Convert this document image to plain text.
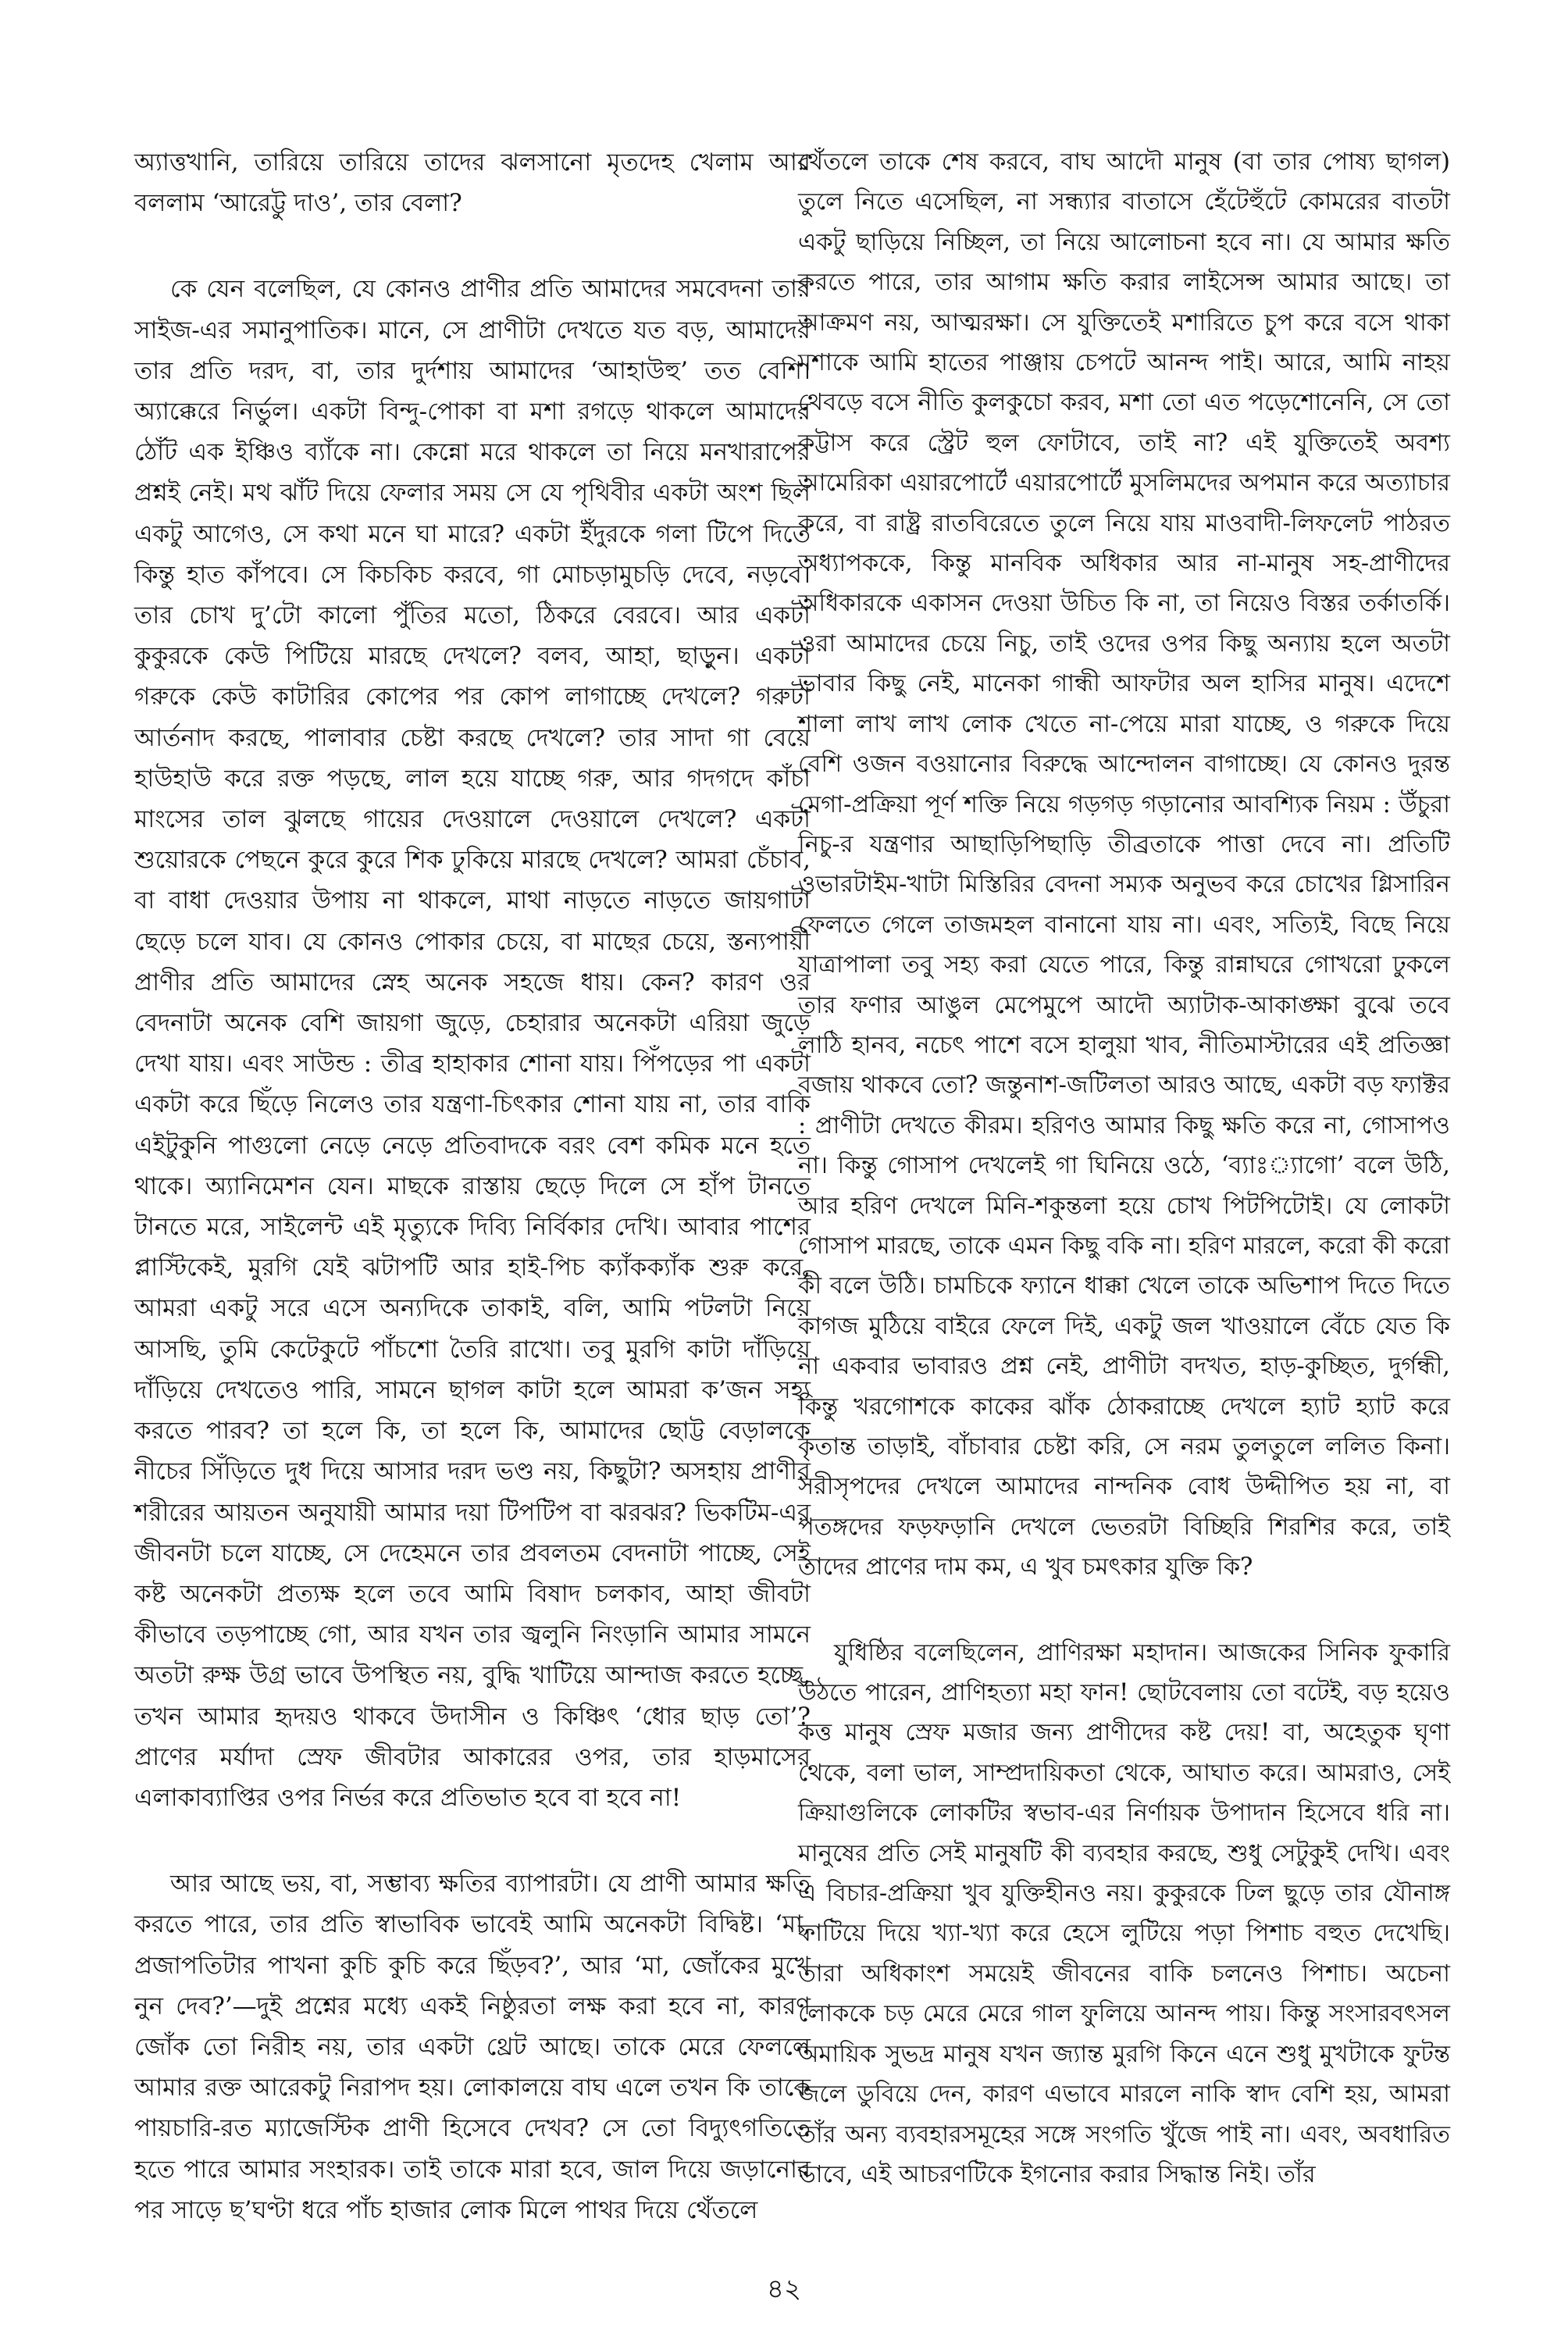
অ্যাত্তখানি, তারিয়ে তারিয়ে তাদের ঝলসানো মৃতদেহ খেলাম আর বললাম ‘আরেট্টু দাও’, তার বেলা?

কে যেন বলেছিল, যে কোনও প্রাণীর প্রতি আমাদের সমবেদনা তার সাইজ-এর সমানুপাতিক। মানে, সে প্রাণীটা দেখতে যত বড়, আমাদের তার প্রতি দরদ, বা, তার দুর্দশায় আমাদের ‘আহাউহু’ তত বেশি। অ্যাক্কেরে নির্ভুল। একটা বিন্দু-পোকা বা মশা রগড়ে থাকলে আমাদের ঠোঁট এক ইঞ্চিও ব্যাঁকে না। কেন্নো মরে থাকলে তা নিয়ে মনখারাপের প্রশ্নই নেই। মথ ঝাঁট দিয়ে ফেলার সময় সে যে পৃথিবীর একটা অংশ ছিল একটু আগেও, সে কথা মনে ঘা মারে? একটা ইঁদুরকে গলা টিপে দিতে কিন্তু হাত কাঁপবে। সে কিচকিচ করবে, গা মোচড়ামুচড়ি দেবে, নড়বে। তার চোখ দু’টো কালো পুঁতির মতো, ঠিকরে বেরবে। আর একটা কুকুরকে কেউ পিটিয়ে মারছে দেখলে? বলব, আহা, ছাড়ুন। একটা গরুকে কেউ কাটারির কোপের পর কোপ লাগাচ্ছে দেখলে? গরুটা আর্তনাদ করছে, পালাবার চেষ্টা করছে দেখলে? তার সাদা গা বেয়ে হাউহাউ করে রক্ত পড়ছে, লাল হয়ে যাচ্ছে গরু, আর গদগদে কাঁচা মাংসের তাল ঝুলছে গায়ের দেওয়ালে দেওয়ালে দেখলে? একটা শুয়োরকে পেছনে কুরে কুরে শিক ঢুকিয়ে মারছে দেখলে? আমরা চেঁচাব, বা বাধা দেওয়ার উপায় না থাকলে, মাথা নাড়তে নাড়তে জায়গাটা ছেড়ে চলে যাব। যে কোনও পোকার চেয়ে, বা মাছের চেয়ে, স্তন্যপায়ী প্রাণীর প্রতি আমাদের স্নেহ অনেক সহজে ধায়। কেন? কারণ ওর বেদনাটা অনেক বেশি জায়গা জুড়ে, চেহারার অনেকটা এরিয়া জুড়ে দেখা যায়। এবং সাউন্ড : তীব্র হাহাকার শোনা যায়। পিঁপড়ের পা একটা একটা করে ছিঁড়ে নিলেও তার যন্ত্রণা-চিৎকার শোনা যায় না, তার বাকি এইটুকুনি পাগুলো নেড়ে নেড়ে প্রতিবাদকে বরং বেশ কমিক মনে হতে থাকে। অ্যানিমেশন যেন। মাছকে রাস্তায় ছেড়ে দিলে সে হাঁপ টানতে টানতে মরে, সাইলেন্ট এই মৃত্যুকে দিব্যি নির্বিকার দেখি। আবার পাশের প্লাস্টিকেই, মুরগি যেই ঝটাপটি আর হাই-পিচ ক্যাঁকক্যাঁক শুরু করে, আমরা একটু সরে এসে অন্যদিকে তাকাই, বলি, আমি পটলটা নিয়ে আসছি, তুমি কেটেকুটে পাঁচশো তৈরি রাখো। তবু মুরগি কাটা দাঁড়িয়ে দাঁড়িয়ে দেখতেও পারি, সামনে ছাগল কাটা হলে আমরা ক’জন সহ্য করতে পারব? তা হলে কি, তা হলে কি, আমাদের ছোট্ট বেড়ালকে নীচের সিঁড়িতে দুধ দিয়ে আসার দরদ ভণ্ড নয়, কিছুটা? অসহায় প্রাণীর শরীরের আয়তন অনুযায়ী আমার দয়া টিপটিপ বা ঝরঝর? ভিকটিম-এর জীবনটা চলে যাচ্ছে, সে দেহেমনে তার প্রবলতম বেদনাটা পাচ্ছে, সেই কষ্ট অনেকটা প্রত্যক্ষ হলে তবে আমি বিষাদ চলকাব, আহা জীবটা কীভাবে তড়পাচ্ছে গো, আর যখন তার জ্বলুনি নিংড়ানি আমার সামনে অতটা রুক্ষ উগ্র ভাবে উপস্থিত নয়, বুদ্ধি খাটিয়ে আন্দাজ করতে হচ্ছে, তখন আমার হৃদয়ও থাকবে উদাসীন ও কিঞ্চিৎ ‘ধোর ছাড় তো’? প্রাণের মর্যাদা স্রেফ জীবটার আকারের ওপর, তার হাড়মাসের এলাকাব্যাপ্তির ওপর নির্ভর করে প্রতিভাত হবে বা হবে না!

আর আছে ভয়, বা, সম্ভাব্য ক্ষতির ব্যাপারটা। যে প্রাণী আমার ক্ষতি করতে পারে, তার প্রতি স্বাভাবিক ভাবেই আমি অনেকটা বিদ্বিষ্ট। ‘মা, প্রজাপতিটার পাখনা কুচি কুচি করে ছিঁড়ব?’, আর ‘মা, জোঁকের মুখে নুন দেব?’—দুই প্রশ্নের মধ্যে একই নিষ্ঠুরতা লক্ষ করা হবে না, কারণ জোঁক তো নিরীহ নয়, তার একটা থ্রেট আছে। তাকে মেরে ফেললে আমার রক্ত আরেকটু নিরাপদ হয়। লোকালয়ে বাঘ এলে তখন কি তাকে পায়চারি-রত ম্যাজেস্টিক প্রাণী হিসেবে দেখব? সে তো বিদ্যুৎগতিতে হতে পারে আমার সংহারক। তাই তাকে মারা হবে, জাল দিয়ে জড়ানোর পর সাড়ে ছ’ঘণ্টা ধরে পাঁচ হাজার লোক মিলে পাথর দিয়ে থেঁতলে

থেঁতলে তাকে শেষ করবে, বাঘ আদৌ মানুষ (বা তার পোষ্য ছাগল) তুলে নিতে এসেছিল, না সন্ধ্যার বাতাসে হেঁটেহুঁটে কোমরের বাতটা একটু ছাড়িয়ে নিচ্ছিল, তা নিয়ে আলোচনা হবে না। যে আমার ক্ষতি করতে পারে, তার আগাম ক্ষতি করার লাইসেন্স আমার আছে। তা আক্রমণ নয়, আত্মরক্ষা। সে যুক্তিতেই মশারিতে চুপ করে বসে থাকা মশাকে আমি হাতের পাঞ্জায় চেপটে আনন্দ পাই। আরে, আমি নাহয় থেবড়ে বসে নীতি কুলকুচো করব, মশা তো এত পড়েশোনেনি, সে তো কট্টাস করে স্ট্রেট হুল ফোটাবে, তাই না? এই যুক্তিতেই অবশ্য আমেরিকা এয়ারপোর্টে এয়ারপোর্টে মুসলিমদের অপমান করে অত্যাচার করে, বা রাষ্ট্র রাতবিরেতে তুলে নিয়ে যায় মাওবাদী-লিফলেট পাঠরত অধ্যাপককে, কিন্তু মানবিক অধিকার আর না-মানুষ সহ-প্রাণীদের অধিকারকে একাসন দেওয়া উচিত কি না, তা নিয়েও বিস্তর তর্কাতর্কি। ওরা আমাদের চেয়ে নিচু, তাই ওদের ওপর কিছু অন্যায় হলে অতটা ভাবার কিছু নেই, মানেকা গান্ধী আফটার অল হাসির মানুষ। এদেশে শালা লাখ লাখ লোক খেতে না-পেয়ে মারা যাচ্ছে, ও গরুকে দিয়ে বেশি ওজন বওয়ানোর বিরুদ্ধে আন্দোলন বাগাচ্ছে। যে কোনও দুরন্ত মেগা-প্রক্রিয়া পূর্ণ শক্তি নিয়ে গড়গড় গড়ানোর আবশ্যিক নিয়ম : উঁচুরা নিচু-র যন্ত্রণার আছাড়িপিছাড়ি তীব্রতাকে পাত্তা দেবে না। প্রতিটি ওভারটাইম-খাটা মিস্তিরির বেদনা সম্যক অনুভব করে চোখের গ্লিসারিন ফেলতে গেলে তাজমহল বানানো যায় না। এবং, সত্যিই, বিছে নিয়ে যাত্রাপালা তবু সহ্য করা যেতে পারে, কিন্তু রান্নাঘরে গোখরো ঢুকলে তার ফণার আঙুল মেপেমুপে আদৌ অ্যাটাক-আকাঙ্ক্ষা বুঝে তবে লাঠি হানব, নচেৎ পাশে বসে হালুয়া খাব, নীতিমাস্টারের এই প্রতিজ্ঞা বজায় থাকবে তো? জন্তুনাশ-জটিলতা আরও আছে, একটা বড় ফ্যাক্টর : প্রাণীটা দেখতে কীরম। হরিণও আমার কিছু ক্ষতি করে না, গোসাপও না। কিন্তু গোসাপ দেখলেই গা ঘিনিয়ে ওঠে, ‘ব্যাঃ্যাগো’ বলে উঠি, আর হরিণ দেখলে মিনি-শকুন্তলা হয়ে চোখ পিটপিটোই। যে লোকটা গোসাপ মারছে, তাকে এমন কিছু বকি না। হরিণ মারলে, করো কী করো কী বলে উঠি। চামচিকে ফ্যানে ধাক্কা খেলে তাকে অভিশাপ দিতে দিতে কাগজ মুঠিয়ে বাইরে ফেলে দিই, একটু জল খাওয়ালে বেঁচে যেত কি না একবার ভাবারও প্রশ্ন নেই, প্রাণীটা বদখত, হাড়-কুচ্ছিত, দুর্গন্ধী, কিন্তু খরগোশকে কাকের ঝাঁক ঠোকরাচ্ছে দেখলে হ্যাট হ্যাট করে কৃতান্ত তাড়াই, বাঁচাবার চেষ্টা করি, সে নরম তুলতুলে ললিত কিনা। সরীসৃপদের দেখলে আমাদের নান্দনিক বোধ উদ্দীপিত হয় না, বা পতঙ্গদের ফড়ফড়ানি দেখলে ভেতরটা বিচ্ছিরি শিরশির করে, তাই তাদের প্রাণের দাম কম, এ খুব চমৎকার যুক্তি কি?

যুধিষ্ঠির বলেছিলেন, প্রাণিরক্ষা মহাদান। আজকের সিনিক ফুকারি উঠতে পারেন, প্রাণিহত্যা মহা ফান! ছোটবেলায় তো বটেই, বড় হয়েও কত্ত মানুষ স্রেফ মজার জন্য প্রাণীদের কষ্ট দেয়! বা, অহেতুক ঘৃণা থেকে, বলা ভাল, সাম্প্রদায়িকতা থেকে, আঘাত করে। আমরাও, সেই ক্রিয়াগুলিকে লোকটির স্বভাব-এর নির্ণায়ক উপাদান হিসেবে ধরি না। মানুষের প্রতি সেই মানুষটি কী ব্যবহার করছে, শুধু সেটুকুই দেখি। এবং এ বিচার-প্রক্রিয়া খুব যুক্তিহীনও নয়। কুকুরকে ঢিল ছুড়ে তার যৌনাঙ্গ ফাটিয়ে দিয়ে খ্যা-খ্যা করে হেসে লুটিয়ে পড়া পিশাচ বহুত দেখেছি। তারা অধিকাংশ সময়েই জীবনের বাকি চলনেও পিশাচ। অচেনা লোককে চড় মেরে মেরে গাল ফুলিয়ে আনন্দ পায়। কিন্তু সংসারবৎসল অমায়িক সুভদ্র মানুষ যখন জ্যান্ত মুরগি কিনে এনে শুধু মুখটাকে ফুটন্ত জলে ডুবিয়ে দেন, কারণ এভাবে মারলে নাকি স্বাদ বেশি হয়, আমরা তাঁর অন্য ব্যবহারসমূহের সঙ্গে সংগতি খুঁজে পাই না। এবং, অবধারিত ভাবে, এই আচরণটিকে ইগনোর করার সিদ্ধান্ত নিই। তাঁর

৪২
